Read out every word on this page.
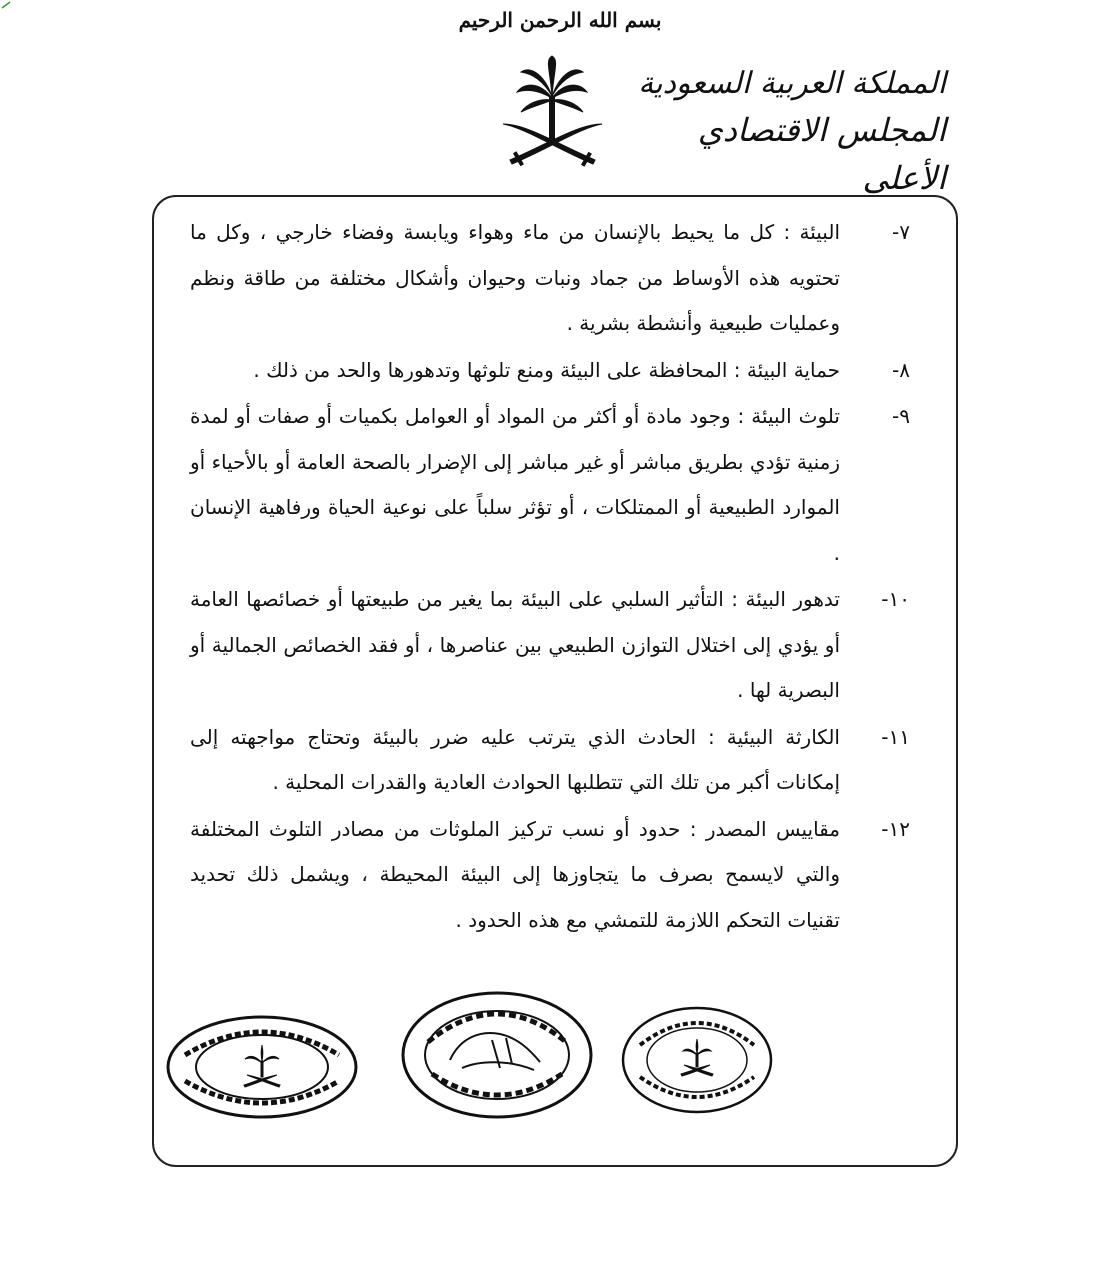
بسم الله الرحمن الرحيم
المملكة العربية السعودية
المجلس الاقتصادي الأعلى
٧-
البيئة : كل ما يحيط بالإنسان من ماء وهواء ويابسة وفضاء خارجي ، وكل ما تحتويه هذه الأوساط من جماد ونبات وحيوان وأشكال مختلفة من طاقة ونظم وعمليات طبيعية وأنشطة بشرية .
٨-
حماية البيئة : المحافظة على البيئة ومنع تلوثها وتدهورها والحد من ذلك .
٩-
تلوث البيئة : وجود مادة أو أكثر من المواد أو العوامل بكميات أو صفات أو لمدة زمنية تؤدي بطريق مباشر أو غير مباشر إلى الإضرار بالصحة العامة أو بالأحياء أو الموارد الطبيعية أو الممتلكات ، أو تؤثر سلباً على نوعية الحياة ورفاهية الإنسان .
١٠-
تدهور البيئة : التأثير السلبي على البيئة بما يغير من طبيعتها أو خصائصها العامة أو يؤدي إلى اختلال التوازن الطبيعي بين عناصرها ، أو فقد الخصائص الجمالية أو البصرية لها .
١١-
الكارثة البيئية : الحادث الذي يترتب عليه ضرر بالبيئة وتحتاج مواجهته إلى إمكانات أكبر من تلك التي تتطلبها الحوادث العادية والقدرات المحلية .
١٢-
مقاييس المصدر : حدود أو نسب تركيز الملوثات من مصادر التلوث المختلفة والتي لايسمح بصرف ما يتجاوزها إلى البيئة المحيطة ، ويشمل ذلك تحديد تقنيات التحكم اللازمة للتمشي مع هذه الحدود .
